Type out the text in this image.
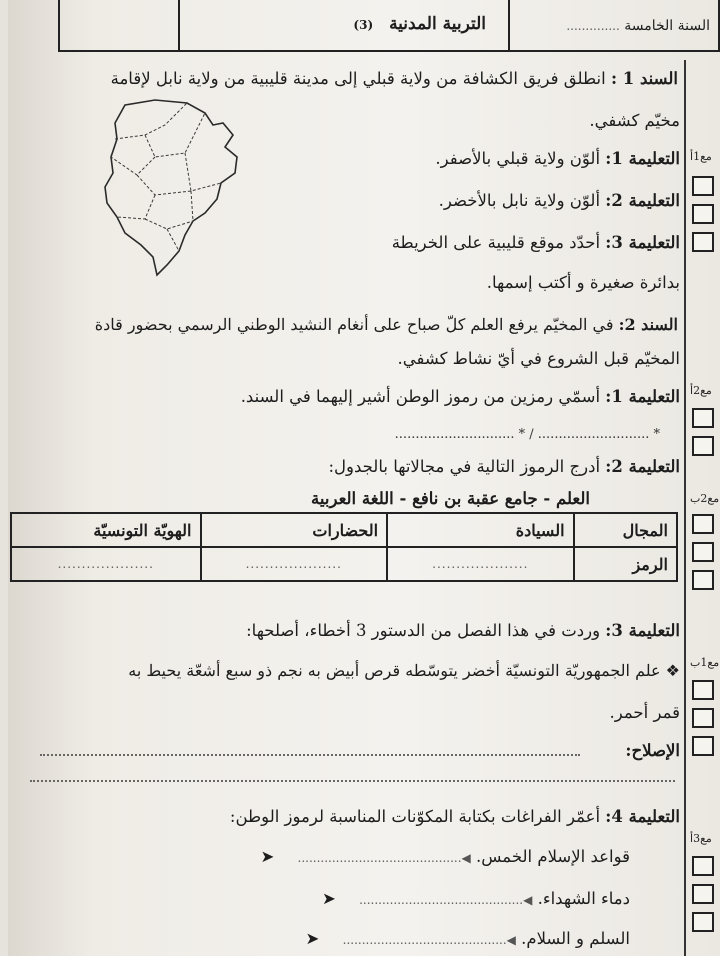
السنة الخامسة ..............
التربية المدنية (3)
مع1أ
مع2أ
مع2ب
مع1ب
مع3أ
السند 1 : انطلق فريق الكشافة من ولاية قبلي إلى مدينة قليبية من ولاية نابل لإقامة
مخيّم كشفي.
التعليمة 1: ألوّن ولاية قبلي بالأصفر.
التعليمة 2: ألوّن ولاية نابل بالأخضر.
التعليمة 3: أحدّد موقع قليبية على الخريطة
بدائرة صغيرة و أكتب إسمها.
السند 2: في المخيّم يرفع العلم كلّ صباح على أنغام النشيد الوطني الرسمي بحضور قادة
المخيّم قبل الشروع في أيّ نشاط كشفي.
التعليمة 1: أسمّي رمزين من رموز الوطن أشير إليهما في السند.
* ........................... / * .............................
التعليمة 2: أدرج الرموز التالية في مجالاتها بالجدول:
العلم - جامع عقبة بن نافع - اللغة العربية
المجال	السيادة	الحضارات	الهويّة التونسيّة
الرمز	....................	....................	....................
التعليمة 3: وردت في هذا الفصل من الدستور 3 أخطاء، أصلحها:
❖ علم الجمهوريّة التونسيّة أخضر يتوسّطه قرص أبيض به نجم ذو سبع أشعّة يحيط به
قمر أحمر.
الإصلاح:
التعليمة 4: أعمّر الفراغات بكتابة المكوّنات المناسبة لرموز الوطن:
قواعد الإسلام الخمس. ◀........................................... ➤
دماء الشهداء. ◀........................................... ➤
السلم و السلام. ◀........................................... ➤
